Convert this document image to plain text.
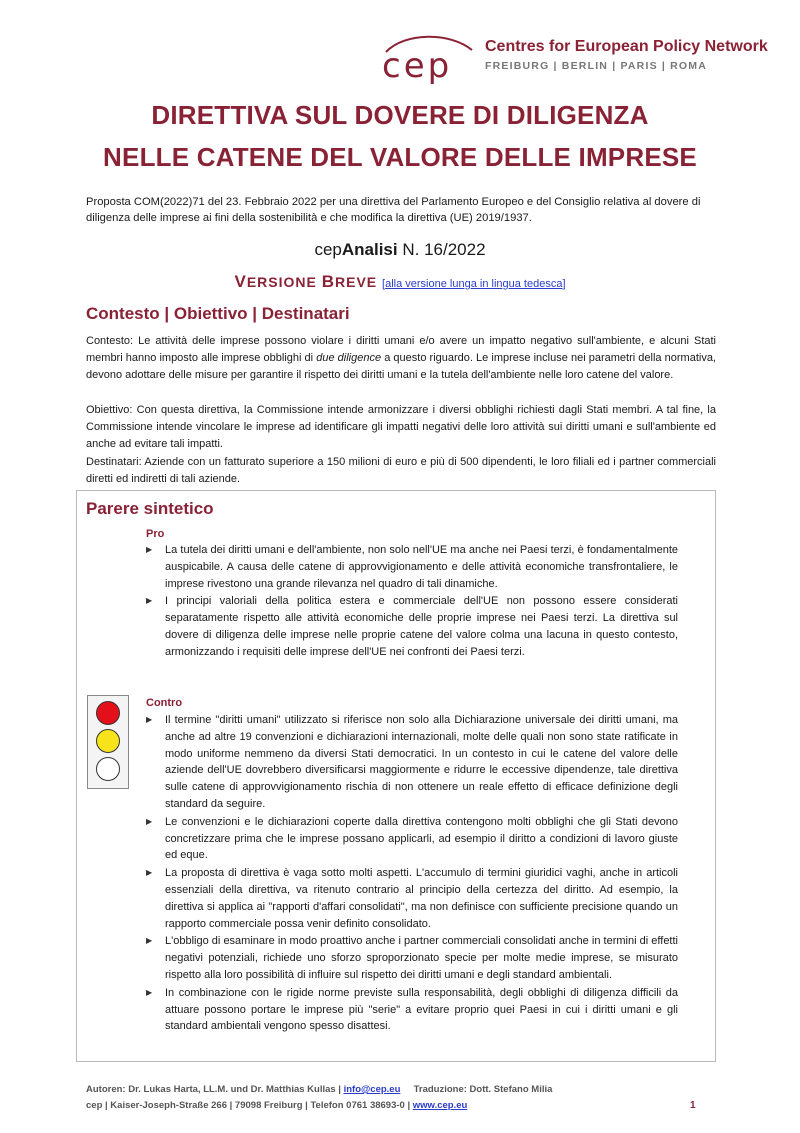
cep Centres for European Policy Network
FREIBURG | BERLIN | PARIS | ROMA
DIRETTIVA SUL DOVERE DI DILIGENZA
NELLE CATENE DEL VALORE DELLE IMPRESE
Proposta COM(2022)71 del 23. Febbraio 2022 per una direttiva del Parlamento Europeo e del Consiglio relativa al dovere di diligenza delle imprese ai fini della sostenibilità e che modifica la direttiva (UE) 2019/1937.
cepAnalisi N. 16/2022
VERSIONE BREVE [alla versione lunga in lingua tedesca]
Contesto | Obiettivo | Destinatari
Contesto: Le attività delle imprese possono violare i diritti umani e/o avere un impatto negativo sull'ambiente, e alcuni Stati membri hanno imposto alle imprese obblighi di due diligence a questo riguardo. Le imprese incluse nei parametri della normativa, devono adottare delle misure per garantire il rispetto dei diritti umani e la tutela dell'ambiente nelle loro catene del valore.
Obiettivo: Con questa direttiva, la Commissione intende armonizzare i diversi obblighi richiesti dagli Stati membri. A tal fine, la Commissione intende vincolare le imprese ad identificare gli impatti negativi delle loro attività sui diritti umani e sull'ambiente ed anche ad evitare tali impatti.
Destinatari: Aziende con un fatturato superiore a 150 milioni di euro e più di 500 dipendenti, le loro filiali ed i partner commerciali diretti ed indiretti di tali aziende.
Parere sintetico
Pro
▶ La tutela dei diritti umani e dell'ambiente, non solo nell'UE ma anche nei Paesi terzi, è fondamentalmente auspicabile. A causa delle catene di approvvigionamento e delle attività economiche transfrontaliere, le imprese rivestono una grande rilevanza nel quadro di tali dinamiche.
▶ I principi valoriali della politica estera e commerciale dell'UE non possono essere considerati separatamente rispetto alle attività economiche delle proprie imprese nei Paesi terzi. La direttiva sul dovere di diligenza delle imprese nelle proprie catene del valore colma una lacuna in questo contesto, armonizzando i requisiti delle imprese dell'UE nei confronti dei Paesi terzi.
Contro
▶ Il termine "diritti umani" utilizzato si riferisce non solo alla Dichiarazione universale dei diritti umani, ma anche ad altre 19 convenzioni e dichiarazioni internazionali, molte delle quali non sono state ratificate in modo uniforme nemmeno da diversi Stati democratici. In un contesto in cui le catene del valore delle aziende dell'UE dovrebbero diversificarsi maggiormente e ridurre le eccessive dipendenze, tale direttiva sulle catene di approvvigionamento rischia di non ottenere un reale effetto di efficace definizione degli standard da seguire.
▶ Le convenzioni e le dichiarazioni coperte dalla direttiva contengono molti obblighi che gli Stati devono concretizzare prima che le imprese possano applicarli, ad esempio il diritto a condizioni di lavoro giuste ed eque.
▶ La proposta di direttiva è vaga sotto molti aspetti. L'accumulo di termini giuridici vaghi, anche in articoli essenziali della direttiva, va ritenuto contrario al principio della certezza del diritto. Ad esempio, la direttiva si applica ai "rapporti d'affari consolidati", ma non definisce con sufficiente precisione quando un rapporto commerciale possa venir definito consolidato.
▶ L'obbligo di esaminare in modo proattivo anche i partner commerciali consolidati anche in termini di effetti negativi potenziali, richiede uno sforzo sproporzionato specie per molte medie imprese, se misurato rispetto alla loro possibilità di influire sul rispetto dei diritti umani e degli standard ambientali.
▶ In combinazione con le rigide norme previste sulla responsabilità, degli obblighi di diligenza difficili da attuare possono portare le imprese più "serie" a evitare proprio quei Paesi in cui i diritti umani e gli standard ambientali vengono spesso disattesi.
Autoren: Dr. Lukas Harta, LL.M. und Dr. Matthias Kullas | info@cep.eu     Traduzione: Dott. Stefano Milia
cep | Kaiser-Joseph-Straße 266 | 79098 Freiburg | Telefon 0761 38693-0 | www.cep.eu	1
